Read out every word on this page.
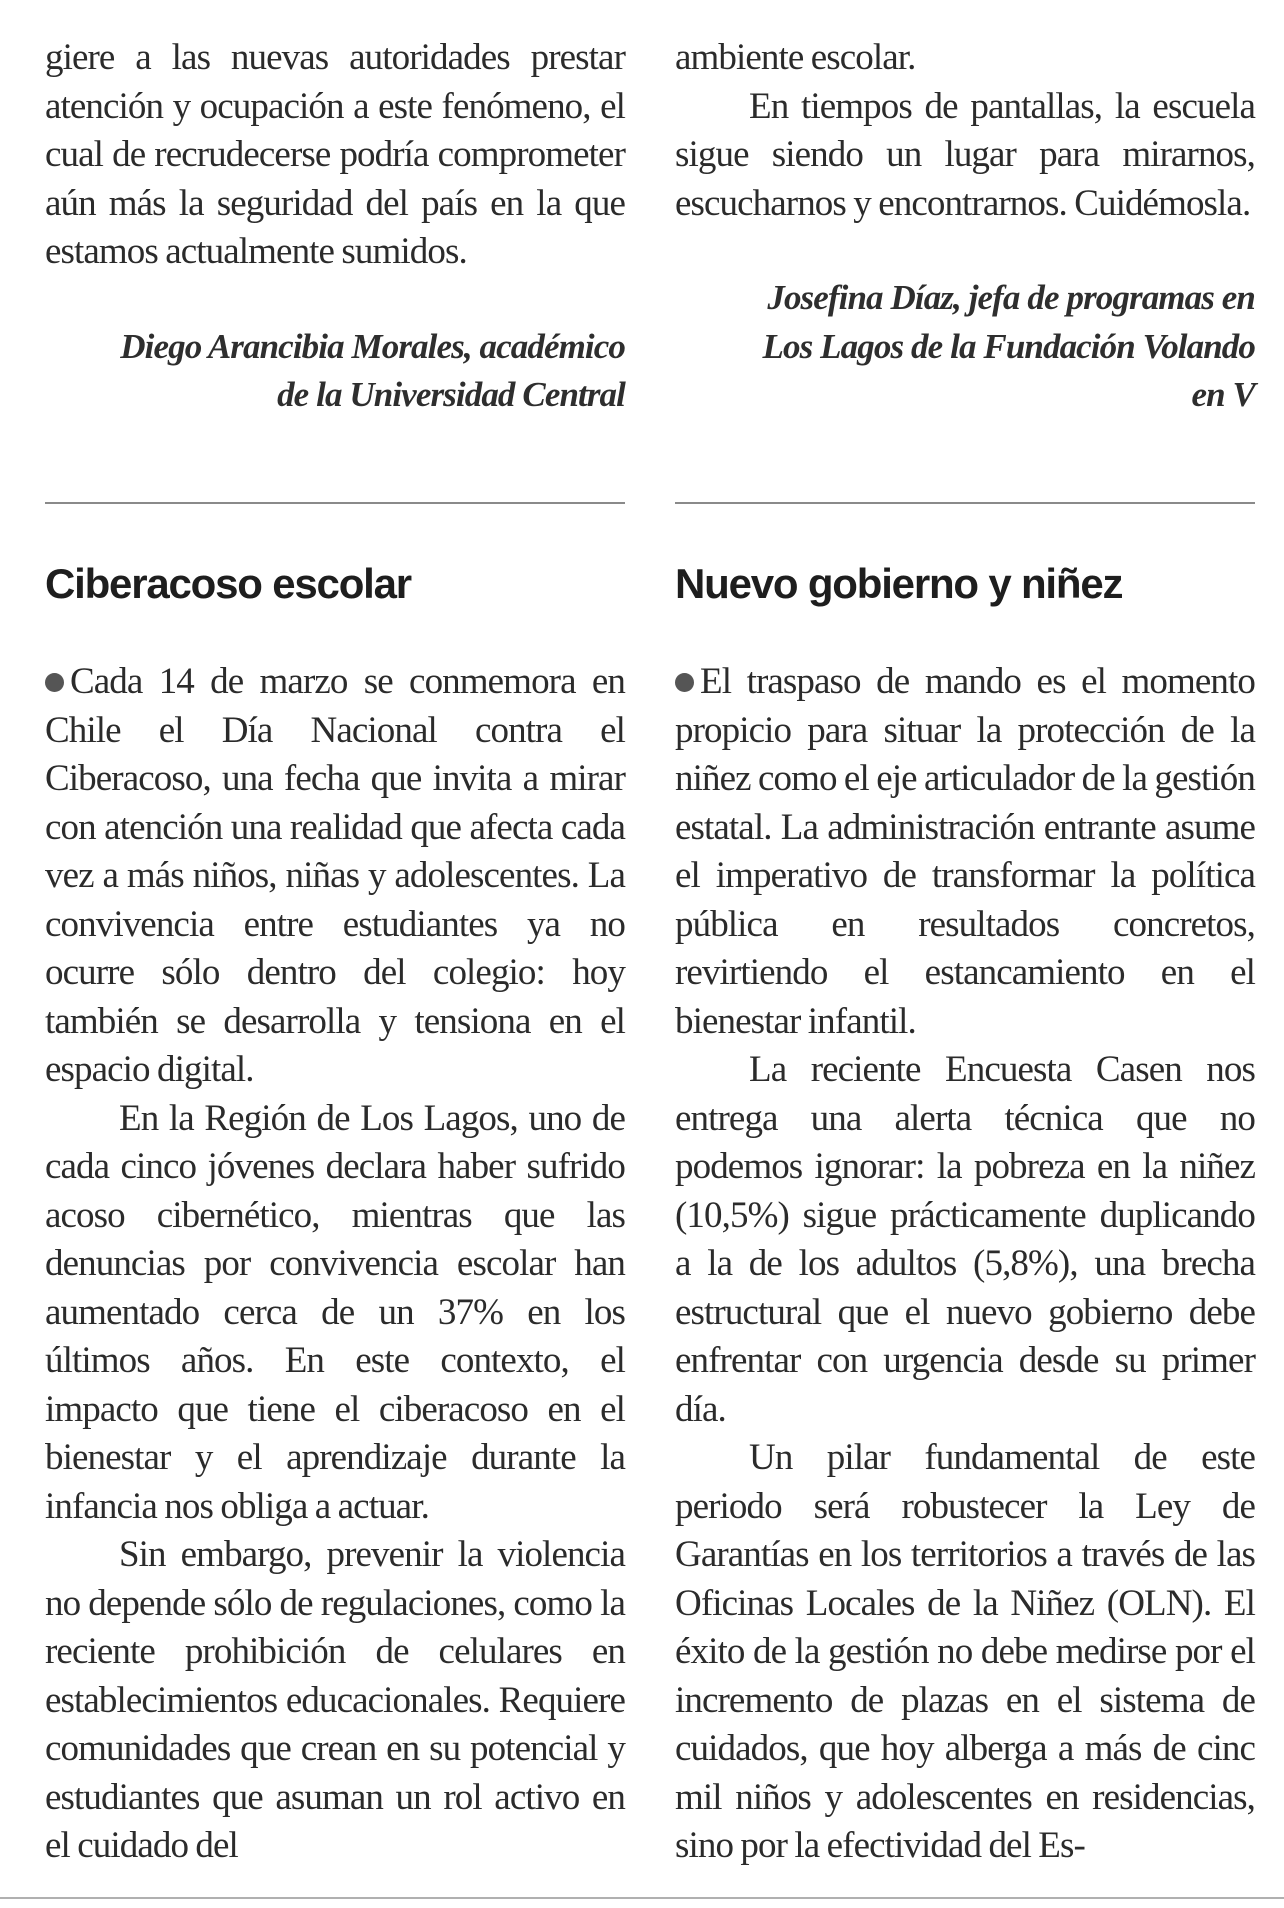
giere a las nuevas autoridades prestar atención y ocupación a este fenómeno, el cual de recrudecerse podría comprometer aún más la seguridad del país en la que estamos actualmente sumidos.

Diego Arancibia Morales, académico

de la Universidad Central

ambiente escolar.

En tiempos de pantallas, la escuela sigue siendo un lugar para mirarnos, escucharnos y encontrarnos. Cuidémosla.

Josefina Díaz, jefa de programas en

Los Lagos de la Fundación Volando

en V

Ciberacoso escolar	Nuevo gobierno y niñez

Cada 14 de marzo se conmemora en Chile el Día Nacional contra el Ciberacoso, una fecha que invita a mirar con atención una realidad que afecta cada vez a más niños, niñas y adolescentes. La convivencia entre estudiantes ya no ocurre sólo dentro del colegio: hoy también se desarrolla y tensiona en el espacio digital.

En la Región de Los Lagos, uno de cada cinco jóvenes declara haber sufrido acoso cibernético, mientras que las denuncias por convivencia escolar han aumentado cerca de un 37% en los últimos años. En este contexto, el impacto que tiene el ciberacoso en el bienestar y el aprendizaje durante la infancia nos obliga a actuar.

Sin embargo, prevenir la violencia no depende sólo de regulaciones, como la reciente prohibición de celulares en establecimientos educacionales. Requiere comunidades que crean en su potencial y estudiantes que asuman un rol activo en el cuidado del

El traspaso de mando es el momento propicio para situar la protección de la niñez como el eje articulador de la gestión estatal. La administración entrante asume el imperativo de transformar la política pública en resultados concretos, revirtiendo el estancamiento en el bienestar infantil.

La reciente Encuesta Casen nos entrega una alerta técnica que no podemos ignorar: la pobreza en la niñez (10,5%) sigue prácticamente duplicando a la de los adultos (5,8%), una brecha estructural que el nuevo gobierno debe enfrentar con urgencia desde su primer día.

Un pilar fundamental de este periodo será robustecer la Ley de Garantías en los territorios a través de las Oficinas Locales de la Niñez (OLN). El éxito de la gestión no debe medirse por el incremento de plazas en el sistema de cuidados, que hoy alberga a más de cinc mil niños y adolescentes en residencias, sino por la efectividad del Es-
